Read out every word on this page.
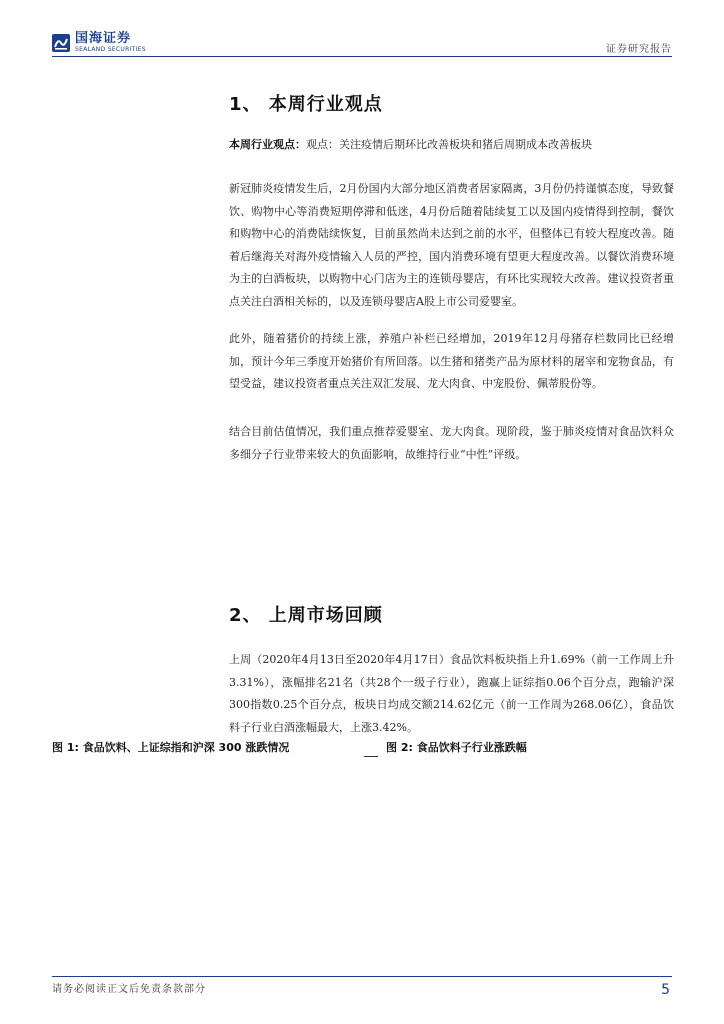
国海证券
SEALAND SECURITIES	证券研究报告
1、 本周行业观点
本周行业观点：观点：关注疫情后期环比改善板块和猪后周期成本改善板块
新冠肺炎疫情发生后，2月份国内大部分地区消费者居家隔离，3月份仍持谨慎态度，导致餐饮、购物中心等消费短期停滞和低迷，4月份后随着陆续复工以及国内疫情得到控制，餐饮和购物中心的消费陆续恢复，目前虽然尚未达到之前的水平，但整体已有较大程度改善。随着后继海关对海外疫情输入人员的严控，国内消费环境有望更大程度改善。以餐饮消费环境为主的白酒板块，以购物中心门店为主的连锁母婴店，有环比实现较大改善。建议投资者重点关注白酒相关标的，以及连锁母婴店A股上市公司爱婴室。
此外，随着猪价的持续上涨，养殖户补栏已经增加，2019年12月母猪存栏数同比已经增加，预计今年三季度开始猪价有所回落。以生猪和猪类产品为原材料的屠宰和宠物食品，有望受益，建议投资者重点关注双汇发展、龙大肉食、中宠股份、佩蒂股份等。
结合目前估值情况，我们重点推荐爱婴室、龙大肉食。现阶段，鉴于肺炎疫情对食品饮料众多细分子行业带来较大的负面影响，故维持行业“中性”评级。
2、 上周市场回顾
上周（2020年4月13日至2020年4月17日）食品饮料板块指上升1.69%（前一工作周上升3.31%），涨幅排名21名（共28个一级子行业），跑赢上证综指0.06个百分点，跑输沪深300指数0.25个百分点，板块日均成交额214.62亿元（前一工作周为268.06亿），食品饮料子行业白酒涨幅最大，上涨3.42%。
图 1: 食品饮料、上证综指和沪深 300 涨跌情况	图 2: 食品饮料子行业涨跌幅
请务必阅读正文后免责条款部分	5
